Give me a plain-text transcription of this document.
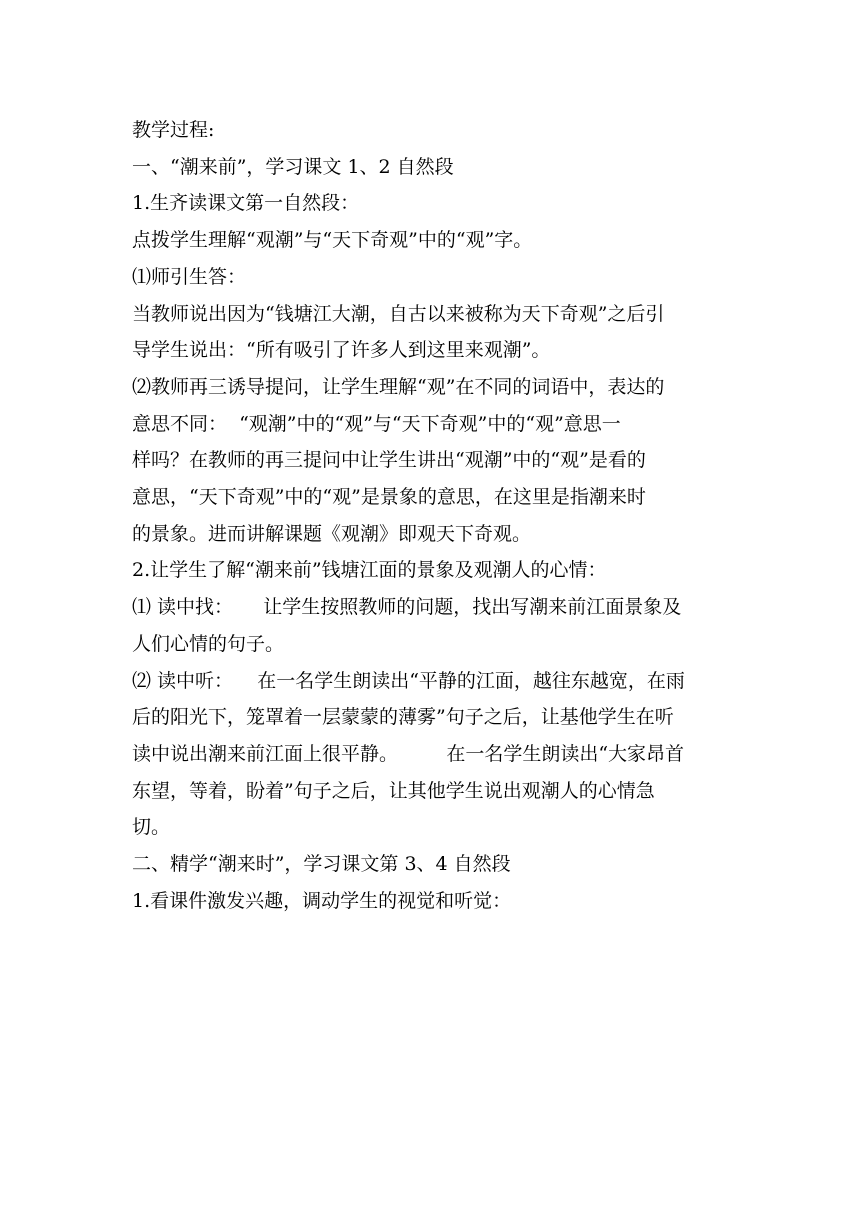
教学过程:

一、“潮来前”，学习课文 1、2 自然段

1.生齐读课文第一自然段：

点拨学生理解“观潮”与“天下奇观”中的“观”字。

⑴师引生答：

当教师说出因为“钱塘江大潮，自古以来被称为天下奇观”之后引

导学生说出：“所有吸引了许多人到这里来观潮”。

⑵教师再三诱导提问，让学生理解“观”在不同的词语中，表达的

意思不同：  “观潮”中的“观”与“天下奇观”中的“观”意思一

样吗？在教师的再三提问中让学生讲出“观潮”中的“观”是看的

意思，“天下奇观”中的“观”是景象的意思，在这里是指潮来时

的景象。进而讲解课题《观潮》即观天下奇观。

2.让学生了解“潮来前”钱塘江面的景象及观潮人的心情：

⑴ 读中找：     让学生按照教师的问题，找出写潮来前江面景象及

人们心情的句子。

⑵ 读中听：    在一名学生朗读出“平静的江面，越往东越宽，在雨

后的阳光下，笼罩着一层蒙蒙的薄雾”句子之后，让基他学生在听

读中说出潮来前江面上很平静。        在一名学生朗读出“大家昂首

东望，等着，盼着”句子之后，让其他学生说出观潮人的心情急

切。

二、精学“潮来时”，学习课文第 3、4 自然段

1.看课件激发兴趣，调动学生的视觉和听觉：
